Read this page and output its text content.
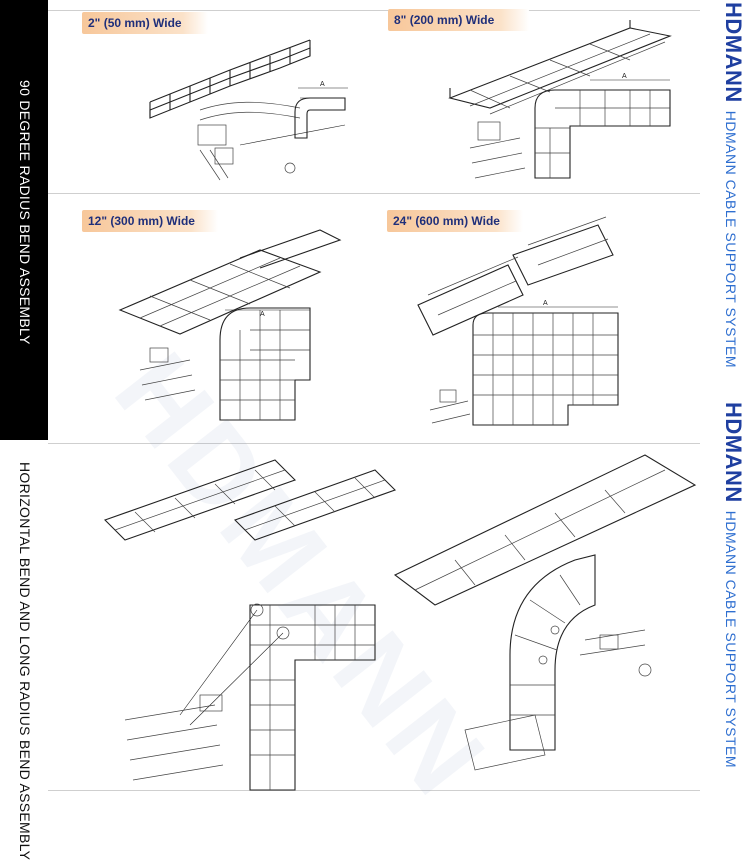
90 DEGREE RADIUS BEND ASSEMBLY
HORIZONTAL BEND AND LONG RADIUS BEND ASSEMBLY HDMANN
2" (50 mm) Wide	8" (200 mm) Wide
12" (300 mm) Wide	24" (600 mm) Wide
A
A
A
A
HDMANNHDMANN CABLE SUPPORT SYSTEM
HDMANNHDMANN CABLE SUPPORT SYSTEM
